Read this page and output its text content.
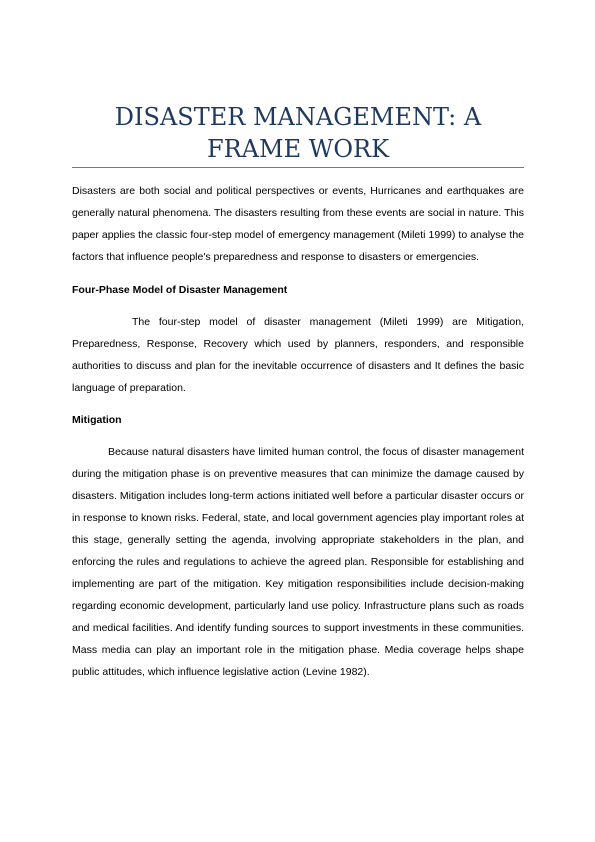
DISASTER MANAGEMENT: A FRAME WORK

Disasters are both social and political perspectives or events, Hurricanes and earthquakes are generally natural phenomena. The disasters resulting from these events are social in nature. This paper applies the classic four-step model of emergency management (Mileti 1999) to analyse the factors that influence people's preparedness and response to disasters or emergencies.

Four-Phase Model of Disaster Management

The four-step model of disaster management (Mileti 1999) are Mitigation, Preparedness, Response, Recovery which used by planners, responders, and responsible authorities to discuss and plan for the inevitable occurrence of disasters and It defines the basic language of preparation.

Mitigation

Because natural disasters have limited human control, the focus of disaster management during the mitigation phase is on preventive measures that can minimize the damage caused by disasters. Mitigation includes long-term actions initiated well before a particular disaster occurs or in response to known risks. Federal, state, and local government agencies play important roles at this stage, generally setting the agenda, involving appropriate stakeholders in the plan, and enforcing the rules and regulations to achieve the agreed plan. Responsible for establishing and implementing are part of the mitigation. Key mitigation responsibilities include decision-making regarding economic development, particularly land use policy. Infrastructure plans such as roads and medical facilities. And identify funding sources to support investments in these communities. Mass media can play an important role in the mitigation phase. Media coverage helps shape public attitudes, which influence legislative action (Levine 1982).
